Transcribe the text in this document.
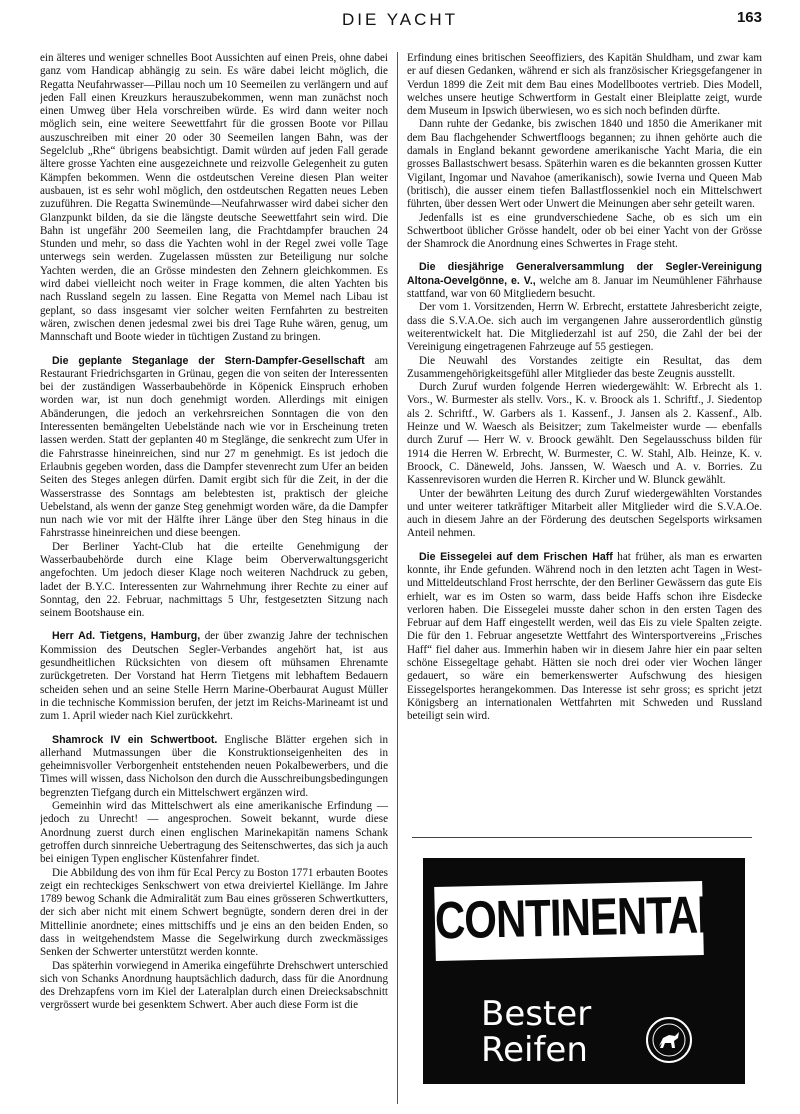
DIE YACHT	163

ein älteres und weniger schnelles Boot Aussichten auf einen Preis, ohne dabei ganz vom Handicap abhängig zu sein. Es wäre dabei leicht möglich, die Regatta Neufahrwasser—Pillau noch um 10 Seemeilen zu verlängern und auf jeden Fall einen Kreuzkurs herauszubekommen, wenn man zunächst noch einen Umweg über Hela vorschreiben würde. Es wird dann weiter noch möglich sein, eine weitere Seewettfahrt für die grossen Boote vor Pillau auszuschreiben mit einer 20 oder 30 Seemeilen langen Bahn, was der Segelclub „Rhe“ übrigens beabsichtigt. Damit würden auf jeden Fall gerade ältere grosse Yachten eine ausgezeichnete und reizvolle Gelegenheit zu guten Kämpfen bekommen. Wenn die ostdeutschen Vereine diesen Plan weiter ausbauen, ist es sehr wohl möglich, den ostdeutschen Regatten neues Leben zuzuführen. Die Regatta Swinemünde—Neufahrwasser wird dabei sicher den Glanzpunkt bilden, da sie die längste deutsche Seewettfahrt sein wird. Die Bahn ist ungefähr 200 Seemeilen lang, die Frachtdampfer brauchen 24 Stunden und mehr, so dass die Yachten wohl in der Regel zwei volle Tage unterwegs sein werden. Zugelassen müssten zur Beteiligung nur solche Yachten werden, die an Grösse mindesten den Zehnern gleichkommen. Es wird dabei vielleicht noch weiter in Frage kommen, die alten Yachten bis nach Russland segeln zu lassen. Eine Regatta von Memel nach Libau ist geplant, so dass insgesamt vier solcher weiten Fernfahrten zu bestreiten wären, zwischen denen jedesmal zwei bis drei Tage Ruhe wären, genug, um Mannschaft und Boote wieder in tüchtigen Zustand zu bringen.

Die geplante Steganlage der Stern-Dampfer-Gesellschaft am Restaurant Friedrichsgarten in Grünau, gegen die von seiten der Interessenten bei der zuständigen Wasserbaubehörde in Köpenick Einspruch erhoben worden war, ist nun doch genehmigt worden. Allerdings mit einigen Abänderungen, die jedoch an verkehrsreichen Sonntagen die von den Interessenten bemängelten Uebelstände nach wie vor in Erscheinung treten lassen werden. Statt der geplanten 40 m Steglänge, die senkrecht zum Ufer in die Fahrstrasse hineinreichen, sind nur 27 m genehmigt. Es ist jedoch die Erlaubnis gegeben worden, dass die Dampfer stevenrecht zum Ufer an beiden Seiten des Steges anlegen dürfen. Damit ergibt sich für die Zeit, in der die Wasserstrasse des Sonntags am belebtesten ist, praktisch der gleiche Uebelstand, als wenn der ganze Steg genehmigt worden wäre, da die Dampfer nun nach wie vor mit der Hälfte ihrer Länge über den Steg hinaus in die Fahrstrasse hineinreichen und diese beengen.

Der Berliner Yacht-Club hat die erteilte Genehmigung der Wasserbaubehörde durch eine Klage beim Oberverwaltungsgericht angefochten. Um jedoch dieser Klage noch weiteren Nachdruck zu geben, ladet der B.Y.C. Interessenten zur Wahrnehmung ihrer Rechte zu einer auf Sonntag, den 22. Februar, nachmittags 5 Uhr, festgesetzten Sitzung nach seinem Bootshause ein.

Herr Ad. Tietgens, Hamburg, der über zwanzig Jahre der technischen Kommission des Deutschen Segler-Verbandes angehört hat, ist aus gesundheitlichen Rücksichten von diesem oft mühsamen Ehrenamte zurückgetreten. Der Vorstand hat Herrn Tietgens mit lebhaftem Bedauern scheiden sehen und an seine Stelle Herrn Marine-Oberbaurat August Müller in die technische Kommission berufen, der jetzt im Reichs-Marineamt ist und zum 1. April wieder nach Kiel zurückkehrt.

Shamrock IV ein Schwertboot. Englische Blätter ergehen sich in allerhand Mutmassungen über die Konstruktionseigenheiten des in geheimnisvoller Verborgenheit entstehenden neuen Pokalbewerbers, und die Times will wissen, dass Nicholson den durch die Ausschreibungsbedingungen begrenzten Tiefgang durch ein Mittelschwert ergänzen wird.

Gemeinhin wird das Mittelschwert als eine amerikanische Erfindung — jedoch zu Unrecht! — angesprochen. Soweit bekannt, wurde diese Anordnung zuerst durch einen englischen Marinekapitän namens Schank getroffen durch sinnreiche Uebertragung des Seitenschwertes, das sich ja auch bei einigen Typen englischer Küstenfahrer findet.

Die Abbildung des von ihm für Ecal Percy zu Boston 1771 erbauten Bootes zeigt ein rechteckiges Senkschwert von etwa dreiviertel Kiellänge. Im Jahre 1789 bewog Schank die Admiralität zum Bau eines grösseren Schwertkutters, der sich aber nicht mit einem Schwert begnügte, sondern deren drei in der Mittellinie anordnete; eines mittschiffs und je eins an den beiden Enden, so dass in weitgehendstem Masse die Segelwirkung durch zweckmässiges Senken der Schwerter unterstützt werden konnte.

Das späterhin vorwiegend in Amerika eingeführte Drehschwert unterschied sich von Schanks Anordnung hauptsächlich dadurch, dass für die Anordnung des Drehzapfens vorn im Kiel der Lateralplan durch einen Dreiecksabschnitt vergrössert wurde bei gesenktem Schwert. Aber auch diese Form ist die

Erfindung eines britischen Seeoffiziers, des Kapitän Shuldham, und zwar kam er auf diesen Gedanken, während er sich als französischer Kriegsgefangener in Verdun 1899 die Zeit mit dem Bau eines Modellbootes vertrieb. Dies Modell, welches unsere heutige Schwertform in Gestalt einer Bleiplatte zeigt, wurde dem Museum in Ipswich überwiesen, wo es sich noch befinden dürfte.

Dann ruhte der Gedanke, bis zwischen 1840 und 1850 die Amerikaner mit dem Bau flachgehender Schwertfloogs begannen; zu ihnen gehörte auch die damals in England bekannt gewordene amerikanische Yacht Maria, die ein grosses Ballastschwert besass. Späterhin waren es die bekannten grossen Kutter Vigilant, Ingomar und Navahoe (amerikanisch), sowie Iverna und Queen Mab (britisch), die ausser einem tiefen Ballastflossenkiel noch ein Mittelschwert führten, über dessen Wert oder Unwert die Meinungen aber sehr geteilt waren.

Jedenfalls ist es eine grundverschiedene Sache, ob es sich um ein Schwertboot üblicher Grösse handelt, oder ob bei einer Yacht von der Grösse der Shamrock die Anordnung eines Schwertes in Frage steht.

Die diesjährige Generalversammlung der Segler-Vereinigung Altona-Oevelgönne, e. V., welche am 8. Januar im Neumühlener Fährhause stattfand, war von 60 Mitgliedern besucht.

Der vom 1. Vorsitzenden, Herrn W. Erbrecht, erstattete Jahresbericht zeigte, dass die S.V.A.Oe. sich auch im vergangenen Jahre ausserordentlich günstig weiterentwickelt hat. Die Mitgliederzahl ist auf 250, die Zahl der bei der Vereinigung eingetragenen Fahrzeuge auf 55 gestiegen.

Die Neuwahl des Vorstandes zeitigte ein Resultat, das dem Zusammengehörigkeitsgefühl aller Mitglieder das beste Zeugnis ausstellt.

Durch Zuruf wurden folgende Herren wiedergewählt: W. Erbrecht als 1. Vors., W. Burmester als stellv. Vors., K. v. Broock als 1. Schriftf., J. Siedentop als 2. Schriftf., W. Garbers als 1. Kassenf., J. Jansen als 2. Kassenf., Alb. Heinze und W. Waesch als Beisitzer; zum Takelmeister wurde — ebenfalls durch Zuruf — Herr W. v. Broock gewählt. Den Segelausschuss bilden für 1914 die Herren W. Erbrecht, W. Burmester, C. W. Stahl, Alb. Heinze, K. v. Broock, C. Däneweld, Johs. Janssen, W. Waesch und A. v. Borries. Zu Kassenrevisoren wurden die Herren R. Kircher und W. Blunck gewählt.

Unter der bewährten Leitung des durch Zuruf wiedergewählten Vorstandes und unter weiterer tatkräftiger Mitarbeit aller Mitglieder wird die S.V.A.Oe. auch in diesem Jahre an der Förderung des deutschen Segelsports wirksamen Anteil nehmen.

Die Eissegelei auf dem Frischen Haff hat früher, als man es erwarten konnte, ihr Ende gefunden. Während noch in den letzten acht Tagen in West- und Mitteldeutschland Frost herrschte, der den Berliner Gewässern das gute Eis erhielt, war es im Osten so warm, dass beide Haffs schon ihre Eisdecke verloren haben. Die Eissegelei musste daher schon in den ersten Tagen des Februar auf dem Haff eingestellt werden, weil das Eis zu viele Spalten zeigte. Die für den 1. Februar angesetzte Wettfahrt des Wintersportvereins „Frisches Haff“ fiel daher aus. Immerhin haben wir in diesem Jahre hier ein paar selten schöne Eissegeltage gehabt. Hätten sie noch drei oder vier Wochen länger gedauert, so wäre ein bemerkenswerter Aufschwung des hiesigen Eissegelsportes herangekommen. Das Interesse ist sehr gross; es spricht jetzt Königsberg an internationalen Wettfahrten mit Schweden und Russland beteiligt sein wird.

CONTINENTAL
Bester
Reifen
